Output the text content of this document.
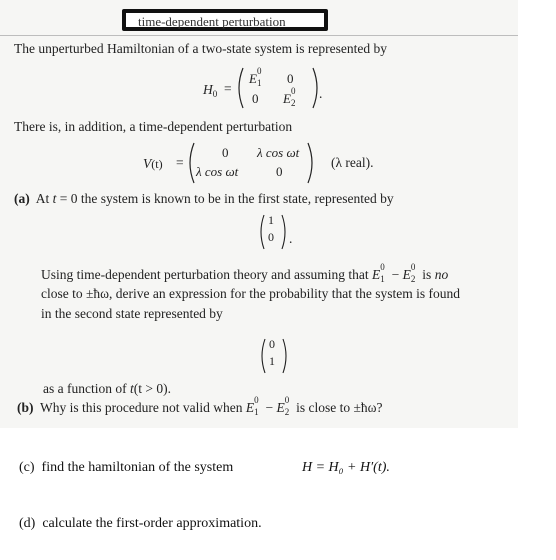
time-dependent perturbation
The unperturbed Hamiltonian of a two-state system is represented by
$H_0$ =
E 0
1 0
0 E 0
2
.
There is, in addition, a time-dependent perturbation
V(t) =
0 λ cos ωt
λ cos ωt	0
(λ real).
(a) At t = 0 the system is known to be in the first state, represented by
1
0 .
Using time-dependent perturbation theory and assuming that E 0
1 − E 0
2 is no
close to ±ħω, derive an expression for the probability that the system is found
in the second state represented by
0
1
as a function of t(t > 0).
(b) Why is this procedure not valid when E 0
1 − E 0
2 is close to ±ħω?
(c) find the hamiltonian of the system	H = H₀ + H′(t).
(d) calculate the first-order approximation.
